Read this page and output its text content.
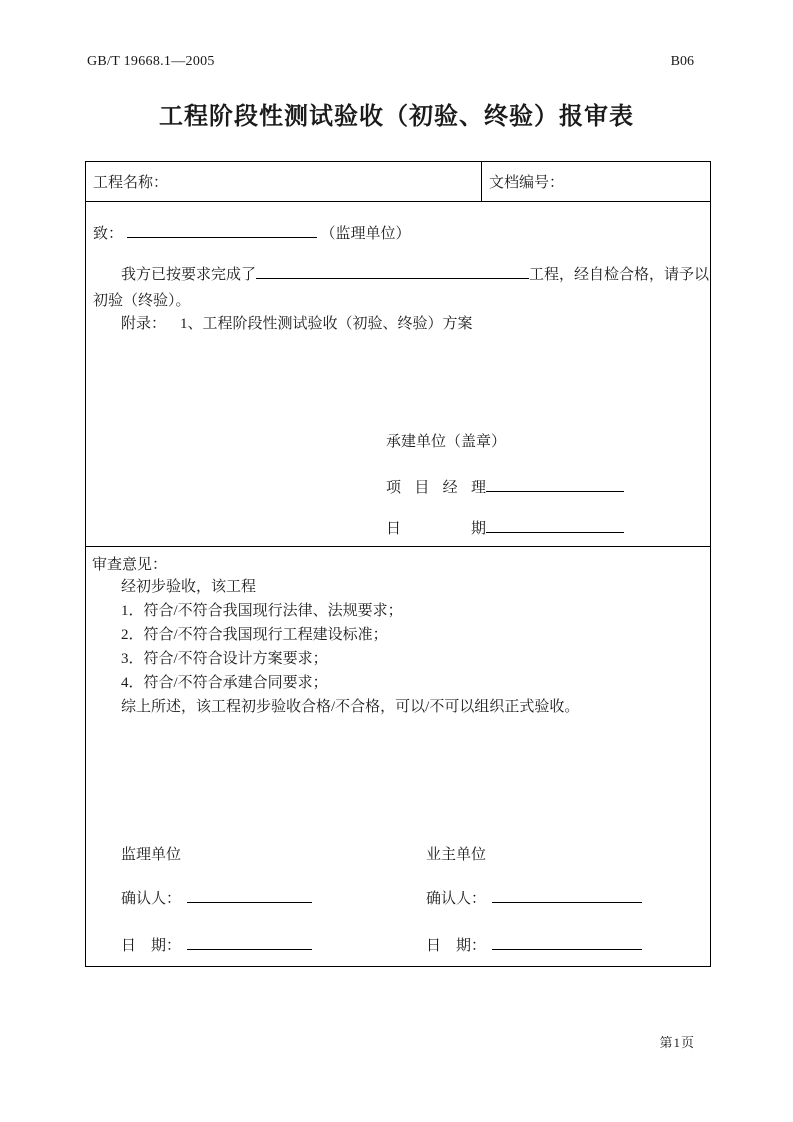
GB/T 19668.1—2005	B06
工程阶段性测试验收（初验、终验）报审表
工程名称：	文档编号：
致：	（监理单位）
我方已按要求完成了	工程，经自检合格，请予以
初验（终验）。
附录： 1、工程阶段性测试验收（初验、终验）方案
承建单位（盖章）
项目经理
日期
审查意见：
经初步验收，该工程
1．符合/不符合我国现行法律、法规要求；
2．符合/不符合我国现行工程建设标准；
3．符合/不符合设计方案要求；
4．符合/不符合承建合同要求；
综上所述，该工程初步验收合格/不合格，可以/不可以组织正式验收。
监理单位
确认人：
日　期：
业主单位
确认人：
日　期：
第1页
